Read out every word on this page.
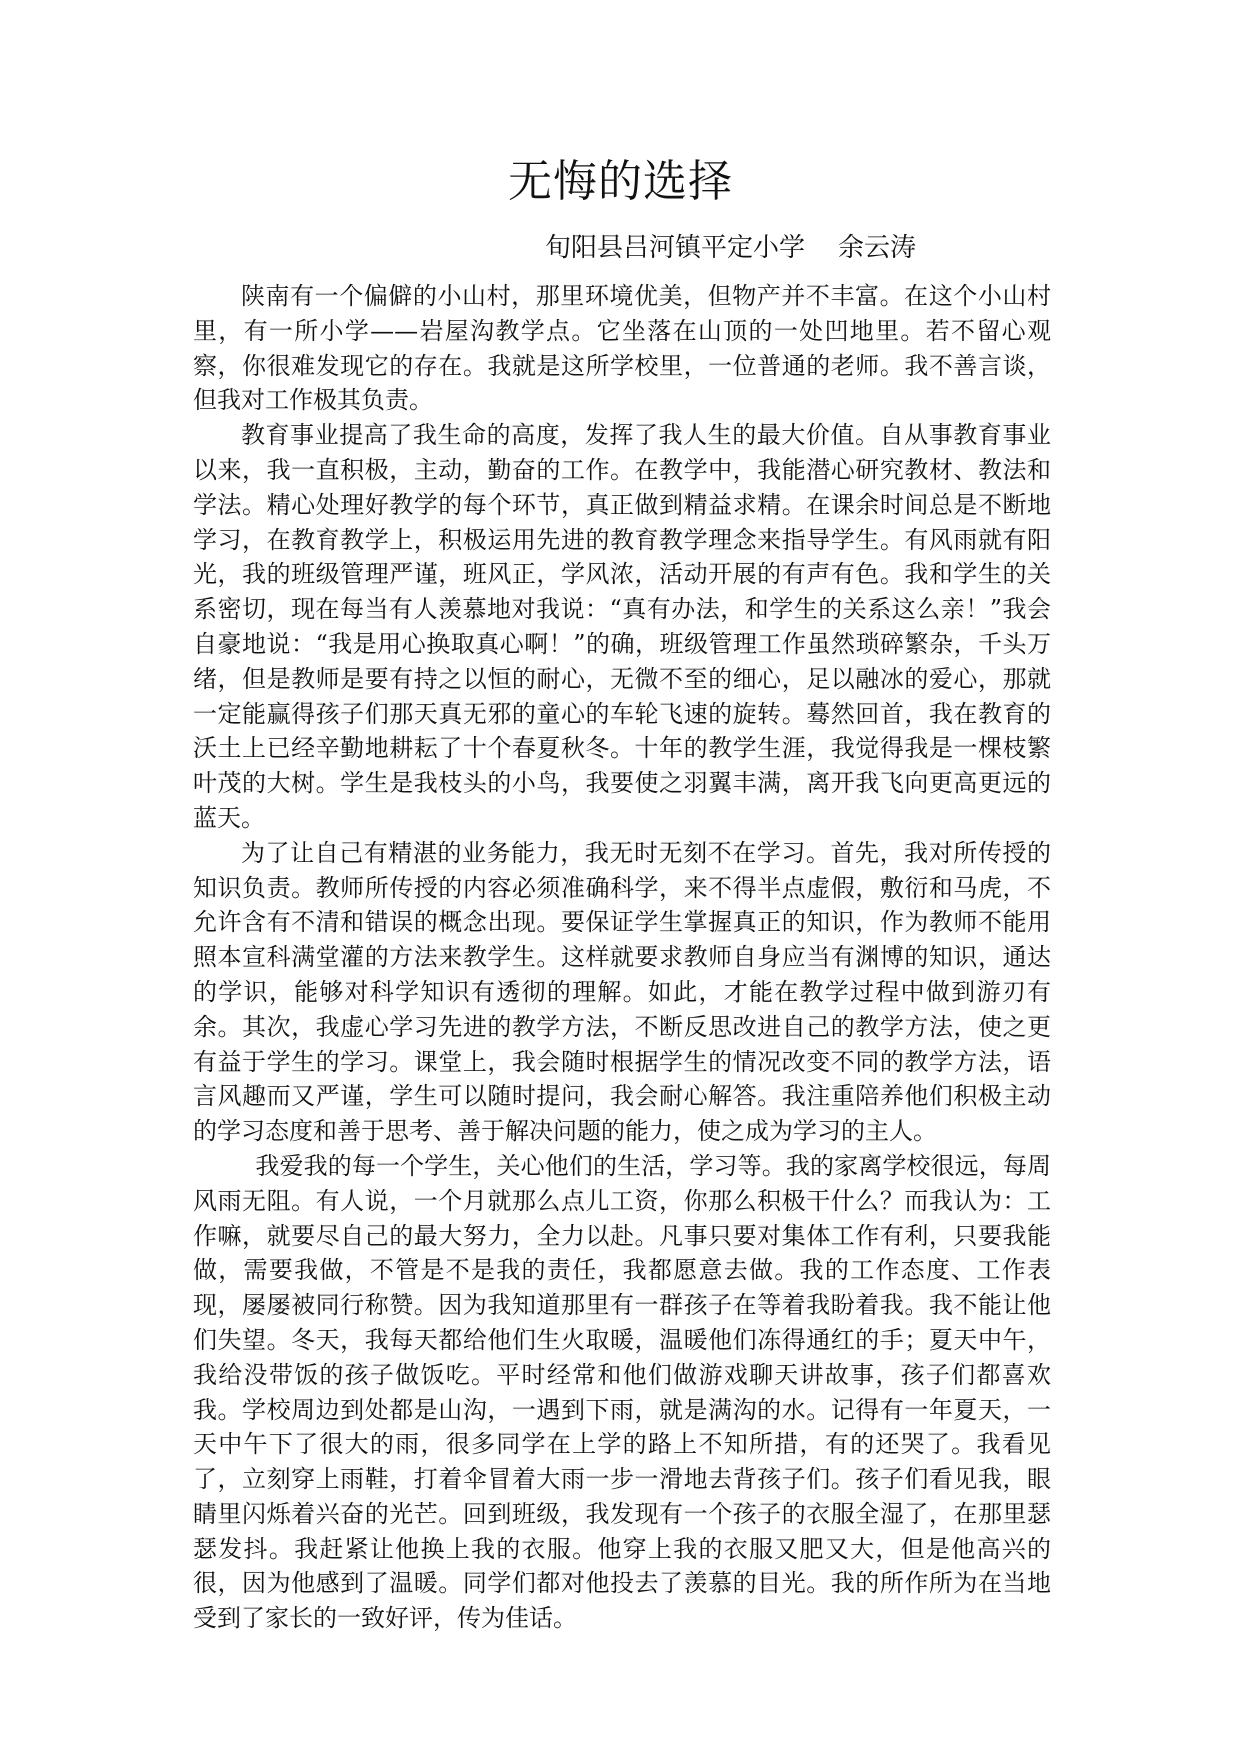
无悔的选择
旬阳县吕河镇平定小学    余云涛

陕南有一个偏僻的小山村，那里环境优美，但物产并不丰富。在这个小山村里，有一所小学——岩屋沟教学点。它坐落在山顶的一处凹地里。若不留心观察，你很难发现它的存在。我就是这所学校里，一位普通的老师。我不善言谈，但我对工作极其负责。

教育事业提高了我生命的高度，发挥了我人生的最大价值。自从事教育事业以来，我一直积极，主动，勤奋的工作。在教学中，我能潜心研究教材、教法和学法。精心处理好教学的每个环节，真正做到精益求精。在课余时间总是不断地学习，在教育教学上，积极运用先进的教育教学理念来指导学生。有风雨就有阳光，我的班级管理严谨，班风正，学风浓，活动开展的有声有色。我和学生的关系密切，现在每当有人羡慕地对我说：“真有办法，和学生的关系这么亲！”我会自豪地说：“我是用心换取真心啊！”的确，班级管理工作虽然琐碎繁杂，千头万绪，但是教师是要有持之以恒的耐心，无微不至的细心，足以融冰的爱心，那就一定能赢得孩子们那天真无邪的童心的车轮飞速的旋转。蓦然回首，我在教育的沃土上已经辛勤地耕耘了十个春夏秋冬。十年的教学生涯，我觉得我是一棵枝繁叶茂的大树。学生是我枝头的小鸟，我要使之羽翼丰满，离开我飞向更高更远的蓝天。

为了让自己有精湛的业务能力，我无时无刻不在学习。首先，我对所传授的知识负责。教师所传授的内容必须准确科学，来不得半点虚假，敷衍和马虎，不允许含有不清和错误的概念出现。要保证学生掌握真正的知识，作为教师不能用照本宣科满堂灌的方法来教学生。这样就要求教师自身应当有渊博的知识，通达的学识，能够对科学知识有透彻的理解。如此，才能在教学过程中做到游刃有余。其次，我虚心学习先进的教学方法，不断反思改进自己的教学方法，使之更有益于学生的学习。课堂上，我会随时根据学生的情况改变不同的教学方法，语言风趣而又严谨，学生可以随时提问，我会耐心解答。我注重陪养他们积极主动的学习态度和善于思考、善于解决问题的能力，使之成为学习的主人。

我爱我的每一个学生，关心他们的生活，学习等。我的家离学校很远，每周风雨无阻。有人说，一个月就那么点儿工资，你那么积极干什么？而我认为：工作嘛，就要尽自己的最大努力，全力以赴。凡事只要对集体工作有利，只要我能做，需要我做，不管是不是我的责任，我都愿意去做。我的工作态度、工作表现，屡屡被同行称赞。因为我知道那里有一群孩子在等着我盼着我。我不能让他们失望。冬天，我每天都给他们生火取暖，温暖他们冻得通红的手；夏天中午，我给没带饭的孩子做饭吃。平时经常和他们做游戏聊天讲故事，孩子们都喜欢我。学校周边到处都是山沟，一遇到下雨，就是满沟的水。记得有一年夏天，一天中午下了很大的雨，很多同学在上学的路上不知所措，有的还哭了。我看见了，立刻穿上雨鞋，打着伞冒着大雨一步一滑地去背孩子们。孩子们看见我，眼睛里闪烁着兴奋的光芒。回到班级，我发现有一个孩子的衣服全湿了，在那里瑟瑟发抖。我赶紧让他换上我的衣服。他穿上我的衣服又肥又大，但是他高兴的很，因为他感到了温暖。同学们都对他投去了羡慕的目光。我的所作所为在当地受到了家长的一致好评，传为佳话。
